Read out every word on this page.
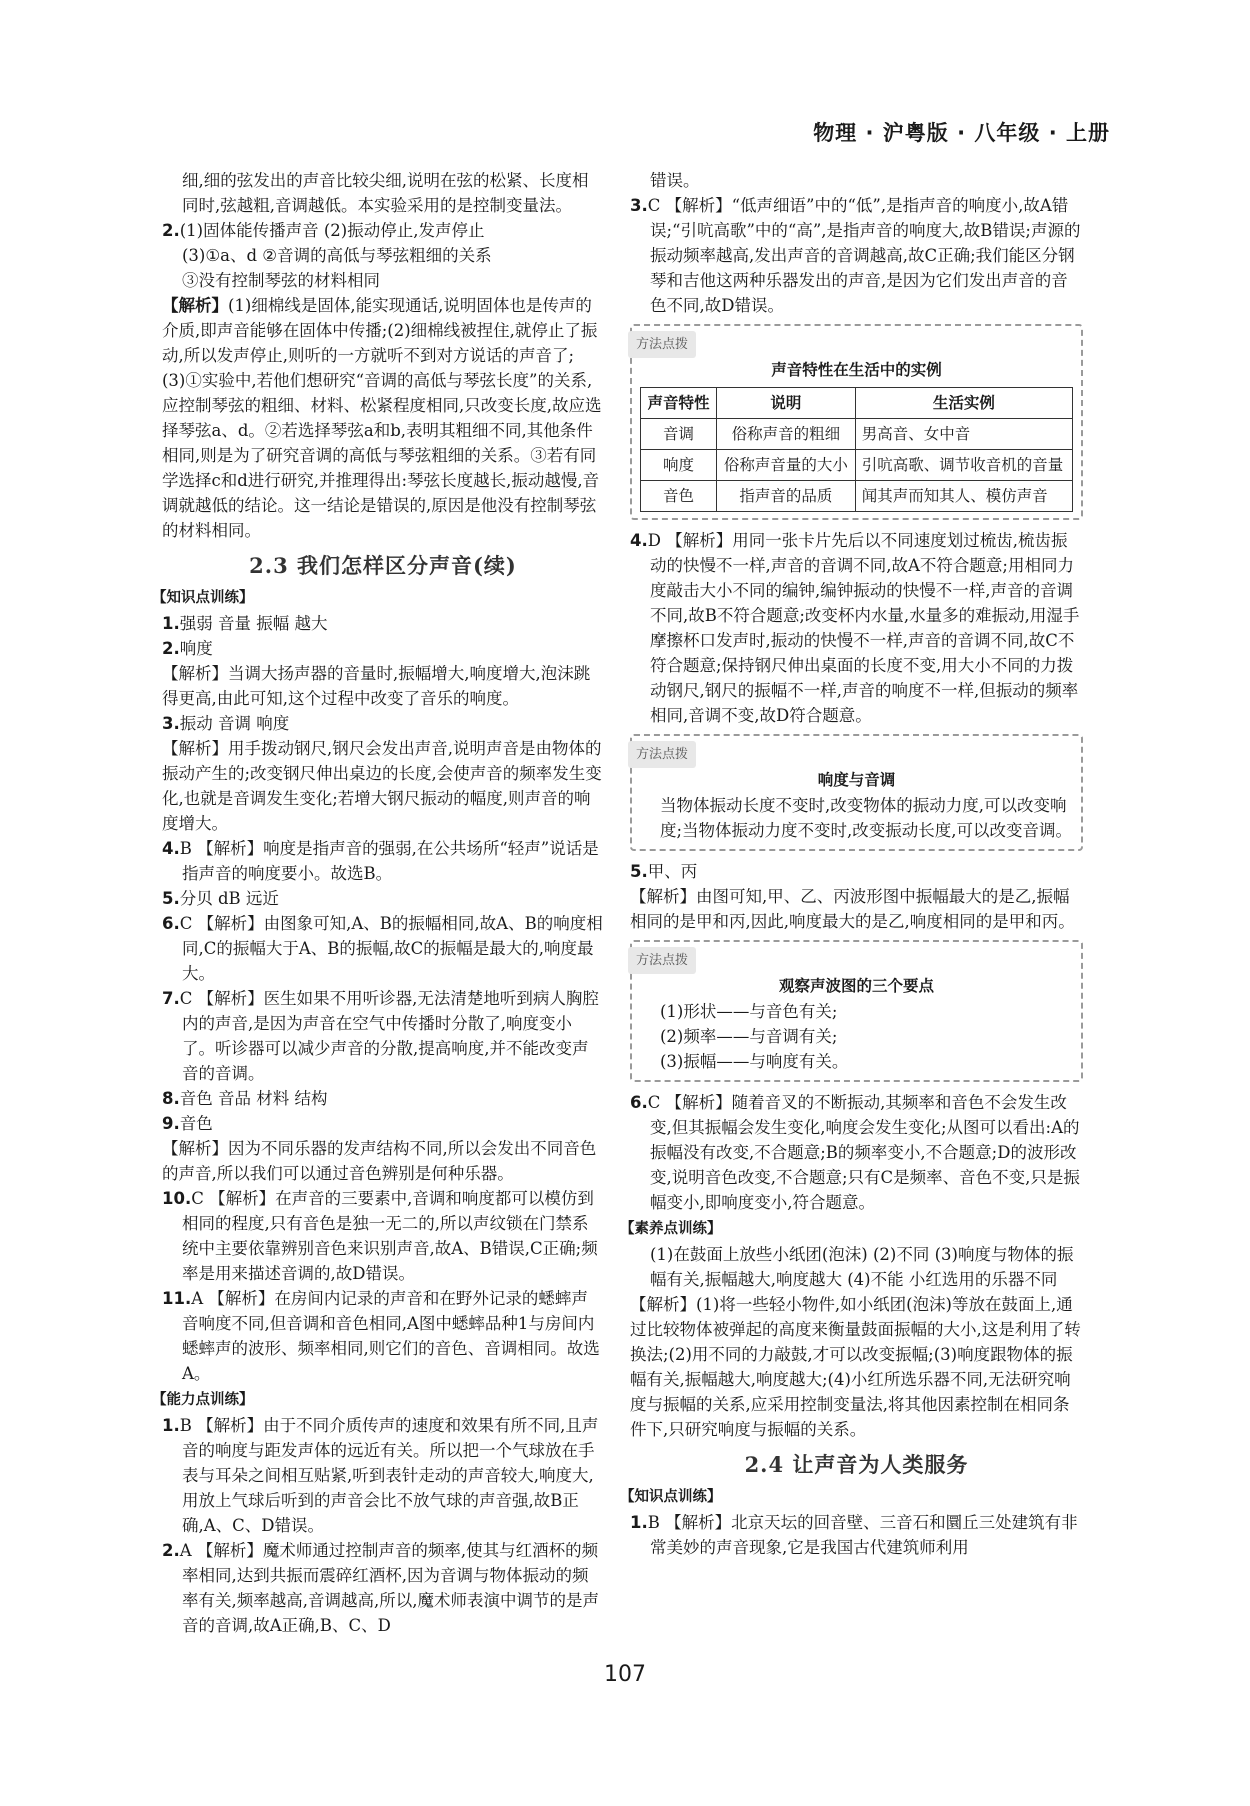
物理 · 沪粤版 · 八年级 · 上册

细,细的弦发出的声音比较尖细,说明在弦的松紧、长度相同时,弦越粗,音调越低。本实验采用的是控制变量法。

2.(1)固体能传播声音 (2)振动停止,发声停止

(3)①a、d ②音调的高低与琴弦粗细的关系

③没有控制琴弦的材料相同

【解析】(1)细棉线是固体,能实现通话,说明固体也是传声的介质,即声音能够在固体中传播;(2)细棉线被捏住,就停止了振动,所以发声停止,则听的一方就听不到对方说话的声音了;(3)①实验中,若他们想研究“音调的高低与琴弦长度”的关系,应控制琴弦的粗细、材料、松紧程度相同,只改变长度,故应选择琴弦a、d。②若选择琴弦a和b,表明其粗细不同,其他条件相同,则是为了研究音调的高低与琴弦粗细的关系。③若有同学选择c和d进行研究,并推理得出:琴弦长度越长,振动越慢,音调就越低的结论。这一结论是错误的,原因是他没有控制琴弦的材料相同。

2.3 我们怎样区分声音(续)
【知识点训练】

1.强弱 音量 振幅 越大

2.响度

【解析】当调大扬声器的音量时,振幅增大,响度增大,泡沫跳得更高,由此可知,这个过程中改变了音乐的响度。

3.振动 音调 响度

【解析】用手拨动钢尺,钢尺会发出声音,说明声音是由物体的振动产生的;改变钢尺伸出桌边的长度,会使声音的频率发生变化,也就是音调发生变化;若增大钢尺振动的幅度,则声音的响度增大。

4.B 【解析】响度是指声音的强弱,在公共场所“轻声”说话是指声音的响度要小。故选B。

5.分贝 dB 远近

6.C 【解析】由图象可知,A、B的振幅相同,故A、B的响度相同,C的振幅大于A、B的振幅,故C的振幅是最大的,响度最大。

7.C 【解析】医生如果不用听诊器,无法清楚地听到病人胸腔内的声音,是因为声音在空气中传播时分散了,响度变小了。听诊器可以减少声音的分散,提高响度,并不能改变声音的音调。

8.音色 音品 材料 结构

9.音色

【解析】因为不同乐器的发声结构不同,所以会发出不同音色的声音,所以我们可以通过音色辨别是何种乐器。

10.C 【解析】在声音的三要素中,音调和响度都可以模仿到相同的程度,只有音色是独一无二的,所以声纹锁在门禁系统中主要依靠辨别音色来识别声音,故A、B错误,C正确;频率是用来描述音调的,故D错误。

11.A 【解析】在房间内记录的声音和在野外记录的蟋蟀声音响度不同,但音调和音色相同,A图中蟋蟀品种1与房间内蟋蟀声的波形、频率相同,则它们的音色、音调相同。故选A。

【能力点训练】

1.B 【解析】由于不同介质传声的速度和效果有所不同,且声音的响度与距发声体的远近有关。所以把一个气球放在手表与耳朵之间相互贴紧,听到表针走动的声音较大,响度大,用放上气球后听到的声音会比不放气球的声音强,故B正确,A、C、D错误。

2.A 【解析】魔术师通过控制声音的频率,使其与红酒杯的频率相同,达到共振而震碎红酒杯,因为音调与物体振动的频率有关,频率越高,音调越高,所以,魔术师表演中调节的是声音的音调,故A正确,B、C、D

错误。

3.C 【解析】“低声细语”中的“低”,是指声音的响度小,故A错误;“引吭高歌”中的“高”,是指声音的响度大,故B错误;声源的振动频率越高,发出声音的音调越高,故C正确;我们能区分钢琴和吉他这两种乐器发出的声音,是因为它们发出声音的音色不同,故D错误。

方法点拨
声音特性在生活中的实例
声音特性	说明	生活实例
音调	俗称声音的粗细	男高音、女中音
响度	俗称声音量的大小	引吭高歌、调节收音机的音量
音色	指声音的品质	闻其声而知其人、模仿声音

4.D 【解析】用同一张卡片先后以不同速度划过梳齿,梳齿振动的快慢不一样,声音的音调不同,故A不符合题意;用相同力度敲击大小不同的编钟,编钟振动的快慢不一样,声音的音调不同,故B不符合题意;改变杯内水量,水量多的难振动,用湿手摩擦杯口发声时,振动的快慢不一样,声音的音调不同,故C不符合题意;保持钢尺伸出桌面的长度不变,用大小不同的力拨动钢尺,钢尺的振幅不一样,声音的响度不一样,但振动的频率相同,音调不变,故D符合题意。

方法点拨
响度与音调

当物体振动长度不变时,改变物体的振动力度,可以改变响度;当物体振动力度不变时,改变振动长度,可以改变音调。

5.甲、丙

【解析】由图可知,甲、乙、丙波形图中振幅最大的是乙,振幅相同的是甲和丙,因此,响度最大的是乙,响度相同的是甲和丙。

方法点拨
观察声波图的三个要点

(1)形状——与音色有关;

(2)频率——与音调有关;

(3)振幅——与响度有关。

6.C 【解析】随着音叉的不断振动,其频率和音色不会发生改变,但其振幅会发生变化,响度会发生变化;从图可以看出:A的振幅没有改变,不合题意;B的频率变小,不合题意;D的波形改变,说明音色改变,不合题意;只有C是频率、音色不变,只是振幅变小,即响度变小,符合题意。

【素养点训练】

(1)在鼓面上放些小纸团(泡沫) (2)不同 (3)响度与物体的振幅有关,振幅越大,响度越大 (4)不能 小红选用的乐器不同

【解析】(1)将一些轻小物件,如小纸团(泡沫)等放在鼓面上,通过比较物体被弹起的高度来衡量鼓面振幅的大小,这是利用了转换法;(2)用不同的力敲鼓,才可以改变振幅;(3)响度跟物体的振幅有关,振幅越大,响度越大;(4)小红所选乐器不同,无法研究响度与振幅的关系,应采用控制变量法,将其他因素控制在相同条件下,只研究响度与振幅的关系。

2.4 让声音为人类服务
【知识点训练】

1.B 【解析】北京天坛的回音壁、三音石和圜丘三处建筑有非常美妙的声音现象,它是我国古代建筑师利用

107
